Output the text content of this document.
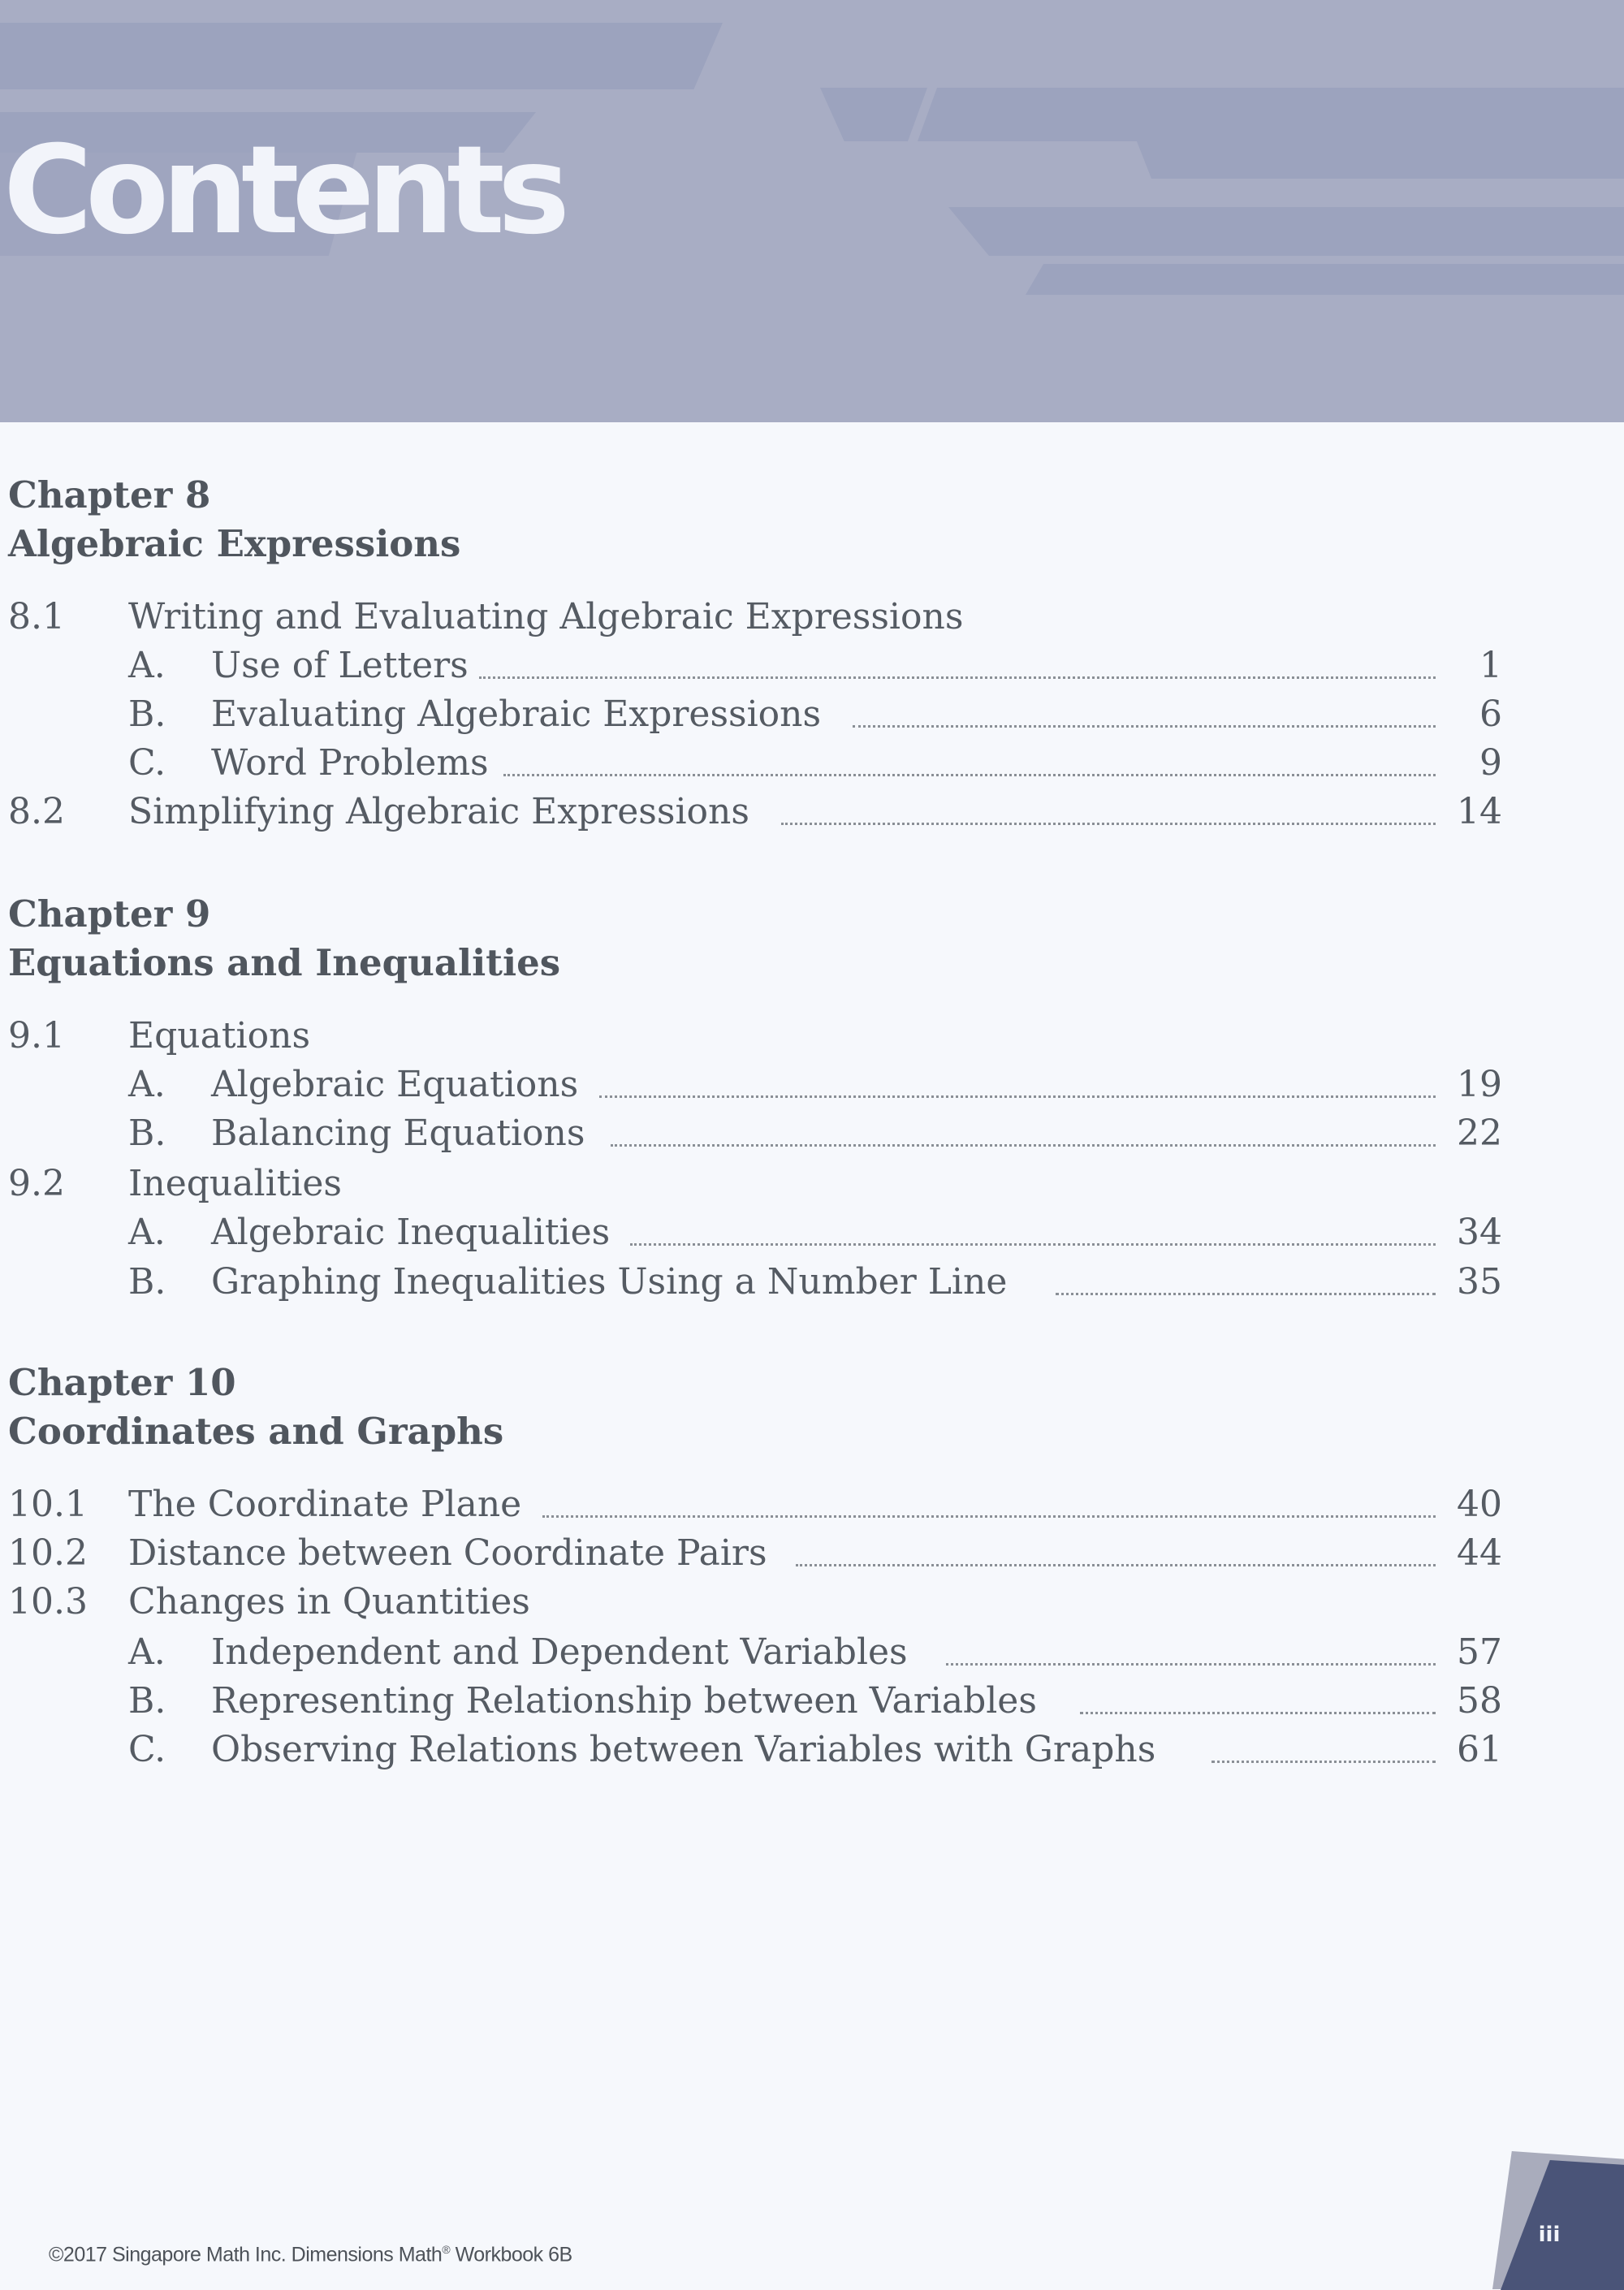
Contents
Chapter 8
Algebraic Expressions
8.1 Writing and Evaluating Algebraic Expressions
A. Use of Letters	1
B. Evaluating Algebraic Expressions	6
C. Word Problems	9
8.2 Simplifying Algebraic Expressions	14
Chapter 9
Equations and Inequalities
9.1 Equations
A. Algebraic Equations	19
B. Balancing Equations	22
9.2 Inequalities
A. Algebraic Inequalities	34
B. Graphing Inequalities Using a Number Line	35
Chapter 10
Coordinates and Graphs
10.1 The Coordinate Plane	40
10.2 Distance between Coordinate Pairs	44
10.3 Changes in Quantities
A. Independent and Dependent Variables	57
B. Representing Relationship between Variables	58
C. Observing Relations between Variables with Graphs	61
©2017 Singapore Math Inc. Dimensions Math® Workbook 6B
iii
